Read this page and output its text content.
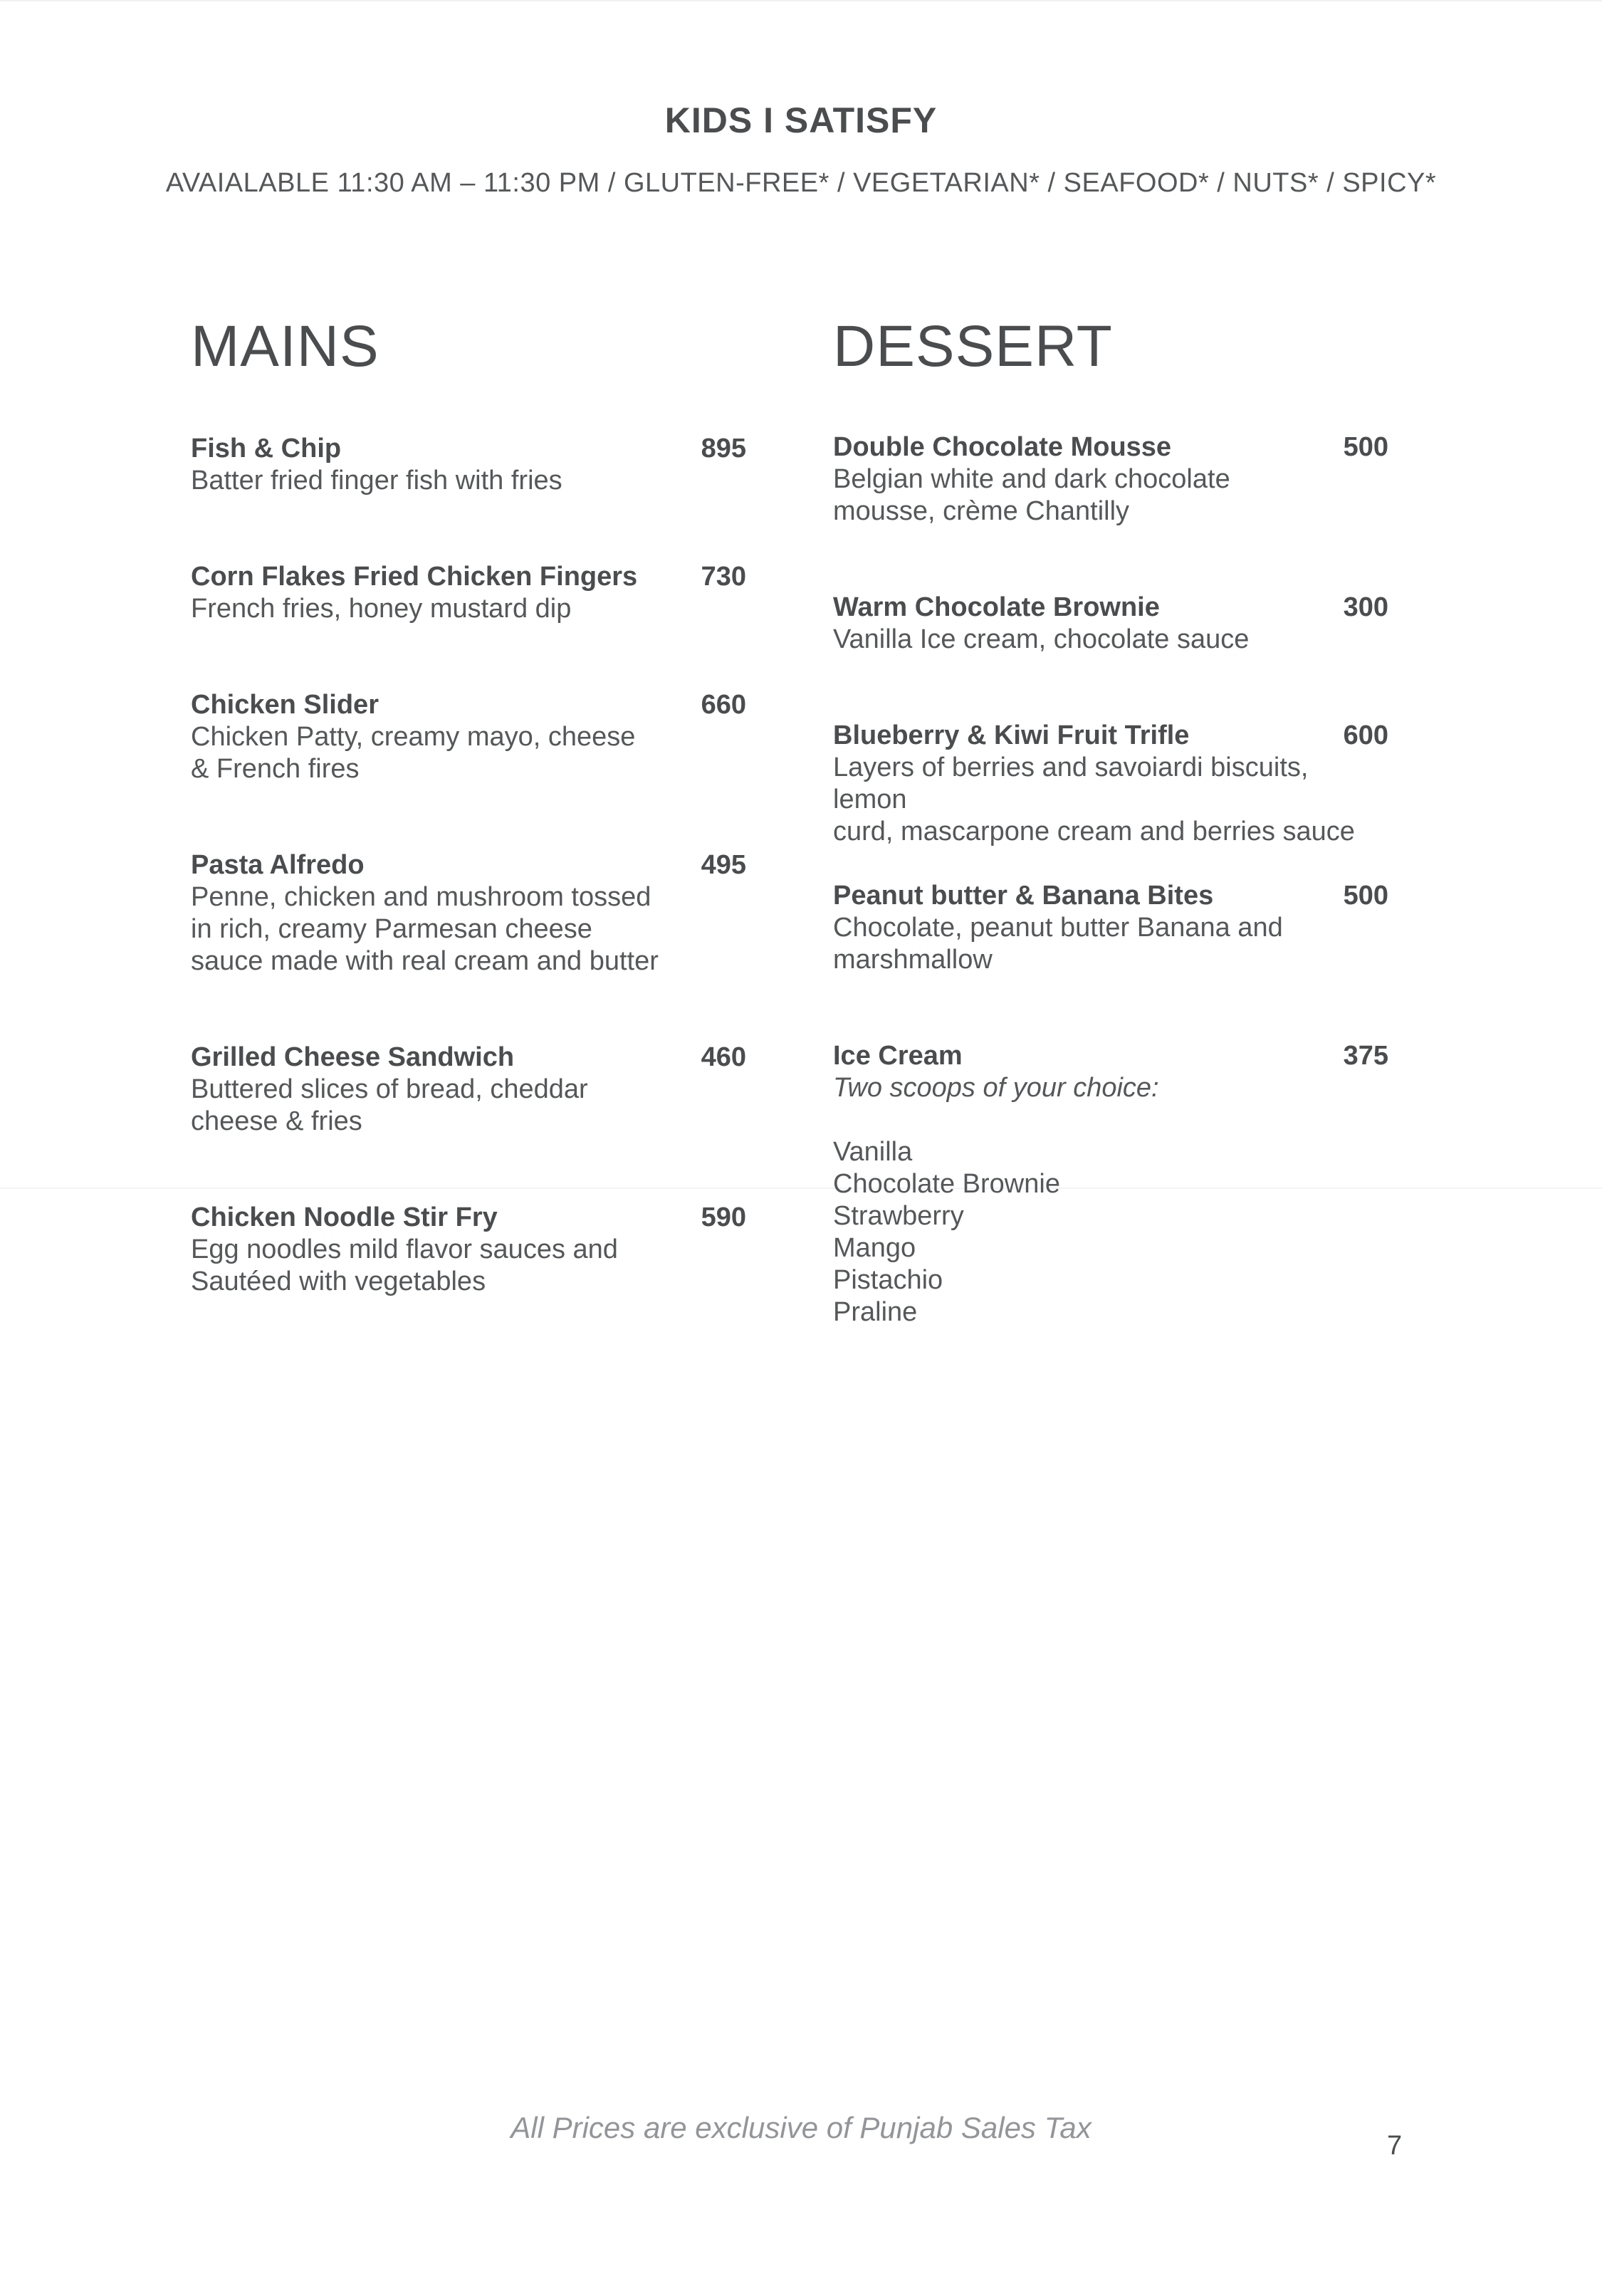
KIDS I SATISFY
AVAIALABLE 11:30 AM – 11:30 PM / GLUTEN-FREE* / VEGETARIAN* / SEAFOOD* / NUTS* / SPICY*
MAINS	DESSERT
Fish & Chip	895
Batter fried finger fish with fries
Corn Flakes Fried Chicken Fingers 730
French fries, honey mustard dip
Chicken Slider	660
Chicken Patty, creamy mayo, cheese
& French fires
Pasta Alfredo	495
Penne, chicken and mushroom tossed
in rich, creamy Parmesan cheese
sauce made with real cream and butter
Grilled Cheese Sandwich	460
Buttered slices of bread, cheddar
cheese & fries
Chicken Noodle Stir Fry	590
Egg noodles mild flavor sauces and
Sautéed with vegetables
Double Chocolate Mousse	500
Belgian white and dark chocolate
mousse, crème Chantilly
Warm Chocolate Brownie	300
Vanilla Ice cream, chocolate sauce
Blueberry & Kiwi Fruit Trifle	600
Layers of berries and savoiardi biscuits, lemon
curd, mascarpone cream and berries sauce
Peanut butter & Banana Bites	500
Chocolate, peanut butter Banana and
marshmallow
Ice Cream	375
Two scoops of your choice:
Vanilla
Chocolate Brownie
Strawberry
Mango
Pistachio
Praline
All Prices are exclusive of Punjab Sales Tax
7
